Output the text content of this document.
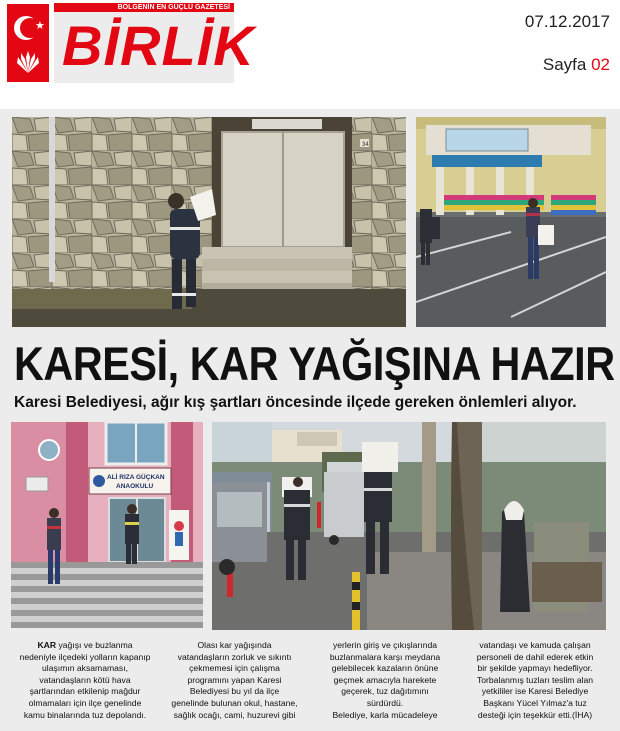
★
BÖLGENİN EN GÜÇLÜ GAZETESİ
BİRLİK	07.12.2017
Sayfa 02
34
KARESİ, KAR YAĞIŞINA HAZIR
Karesi Belediyesi, ağır kış şartları öncesinde ilçede gereken önlemleri alıyor.
ALİ RIZA GÜÇKAN
ANAOKULU

KAR yağışı ve buzlanma

nedeniyle ilçedeki yolların kapanıp

ulaşımın aksamaması,

vatandaşların kötü hava

şartlarından etkilenip mağdur

olmamaları için ilçe genelinde

kamu binalarında tuz depolandı.

Olası kar yağışında

vatandaşların zorluk ve sıkıntı

çekmemesi için çalışma

programını yapan Karesi

Belediyesi bu yıl da ilçe

genelinde bulunan okul, hastane,

sağlık ocağı, cami, huzurevi gibi

yerlerin giriş ve çıkışlarında

buzlanmalara karşı meydana

gelebilecek kazaların önüne

geçmek amacıyla harekete

geçerek, tuz dağıtımını

sürdürdü.

Belediye, karla mücadeleye

vatandaşı ve kamuda çalışan

personeli de dahil ederek etkin

bir şekilde yapmayı hedefliyor.

Torbalanmış tuzları teslim alan

yetkililer ise Karesi Belediye

Başkanı Yücel Yılmaz'a tuz

desteği için teşekkür etti.(İHA)
